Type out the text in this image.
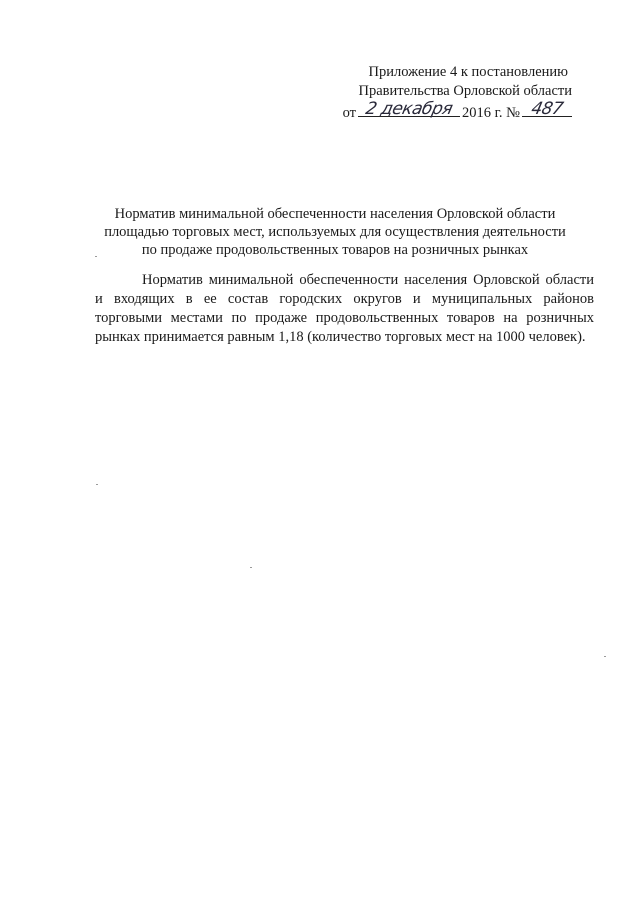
Приложение 4 к постановлению
Правительства Орловской области
от 2 декабря 2016 г. № 487
Норматив минимальной обеспеченности населения Орловской области
площадью торговых мест, используемых для осуществления деятельности
по продаже продовольственных товаров на розничных рынках

Норматив минимальной обеспеченности населения Орловской области и входящих в ее состав городских округов и муниципальных районов торговыми местами по продаже продовольственных товаров на розничных рынках принимается равным 1,18 (количество торговых мест на 1000 человек).
